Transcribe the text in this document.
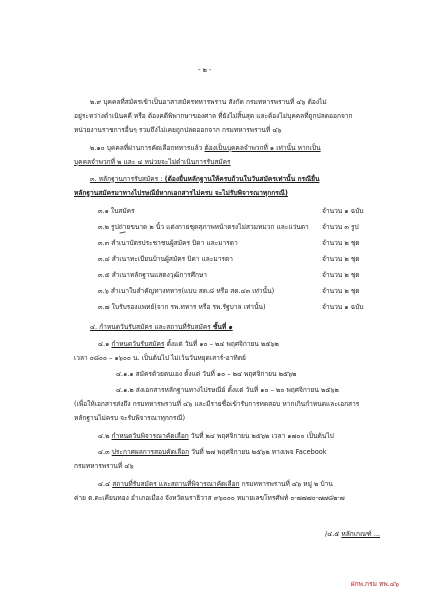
- ๒ -
๒.๙ บุคคลที่สมัครเข้าเป็นอาสาสมัครทหารพราน สังกัด กรมทหารพรานที่ ๔๖ ต้องไม่
อยู่ระหว่างดำเนินคดี หรือ ต้องคดีพิพากษาของศาล ที่ยังไม่สิ้นสุด และต้องไม่บุคคลที่ถูกปลดออกจาก
หน่วยงานราชการอื่นๆ รวมถึงไม่เคยถูกปลดออกจาก กรมทหารพรานที่ ๔๖
๒.๑๐ บุคคลที่ผ่านการคัดเลือกทหารแล้ว ต้องเป็นบุคคลจำพวกที่ ๑ เท่านั้น หากเป็น
บุคคลจำพวกที่ ๒ และ ๔ หน่วยจะไม่ดำเนินการรับสมัคร
๓. หลักฐานการรับสมัคร : (ต้องยื่นหลักฐานให้ครบถ้วนในวันสมัครเท่านั้น กรณียื่น
หลักฐานสมัครมาทางไปรษณีย์หากเอกสารไม่ครบ จะไม่รับพิจารณาทุกกรณี)
๓.๑ ใบสมัคร	จำนวน ๑ ฉบับ
๓.๒ รูปถ่ายขนาด ๒ นิ้ว แต่งกายชุดสุภาพหน้าตรงไม่สวมหมวก และแว่นตา จำนวน ๓ รูป
๓.๓ สำเนาบัตรประชาชนผู้สมัคร บิดา และมารดา	จำนวน ๒ ชุด
๓.๔ สำเนาทะเบียนบ้านผู้สมัคร บิดา และมารดา	จำนวน ๒ ชุด
๓.๕ สำเนาหลักฐานแสดงวุฒิการศึกษา	จำนวน ๒ ชุด
๓.๖ สำเนาใบสำคัญทางทหาร(แบบ สด.๘ หรือ สด.๔๓ เท่านั้น)	จำนวน ๒ ชุด
๓.๗ ใบรับรองแพทย์(จาก รพ.ทหาร หรือ รพ.รัฐบาล เท่านั้น)	จำนวน ๑ ฉบับ
๔. กำหนดวันรับสมัคร และสถานที่รับสมัคร ชั้นที่ ๑
๔.๑ กำหนดวันรับสมัคร ตั้งแต่ วันที่ ๑๐ – ๒๔ พฤศจิกายน ๒๕๖๒
เวลา ๐๘๐๐ – ๑๖๐๐ น. เป็นต้นไป ไม่เว้นวันหยุดเสาร์-อาทิตย์
๔.๑.๑ สมัครด้วยตนเอง ตั้งแต่ วันที่ ๑๐ – ๒๔ พฤศจิกายน ๒๕๖๒
๔.๑.๒ ส่งเอกสารหลักฐานทางไปรษณีย์ ตั้งแต่ วันที่ ๑๐ – ๒๐ พฤศจิกายน ๒๕๖๒
(เพื่อให้เอกสารส่งถึง กรมทหารพรานที่ ๔๖ และมีรายชื่อเข้ารับการทดสอบ หากเกินกำหนดและเอกสาร
หลักฐานไม่ครบ จะรับพิจารณาทุกกรณี)
๔.๒ กำหนดวันพิจารณาคัดเลือก วันที่ ๒๔ พฤศจิกายน ๒๕๖๒ เวลา ๑๗๐๐ เป็นต้นไป
๔.๓ ประกาศผลการสอบคัดเลือก วันที่ ๒๗ พฤศจิกายน ๒๕๖๒ ทางเพจ Facebook
กรมทหารพรานที่ ๔๖
๔.๔ สถานที่รับสมัคร และสถานที่พิจารณาคัดเลือก กรมทหารพรานที่ ๔๖ หมู่ ๒ บ้าน
ค่าย ต.ตะเคียนทอง อำเภอเมือง จังหวัดนราธิวาส ๙๖๐๐๐ หมายเลขโทรศัพท์ ๐-๗๗๗๐-๗๗๘๒-๗
/๔.๕ หลักเกณฑ์ ...
ฝกพ.กรม ทพ.๔๖
